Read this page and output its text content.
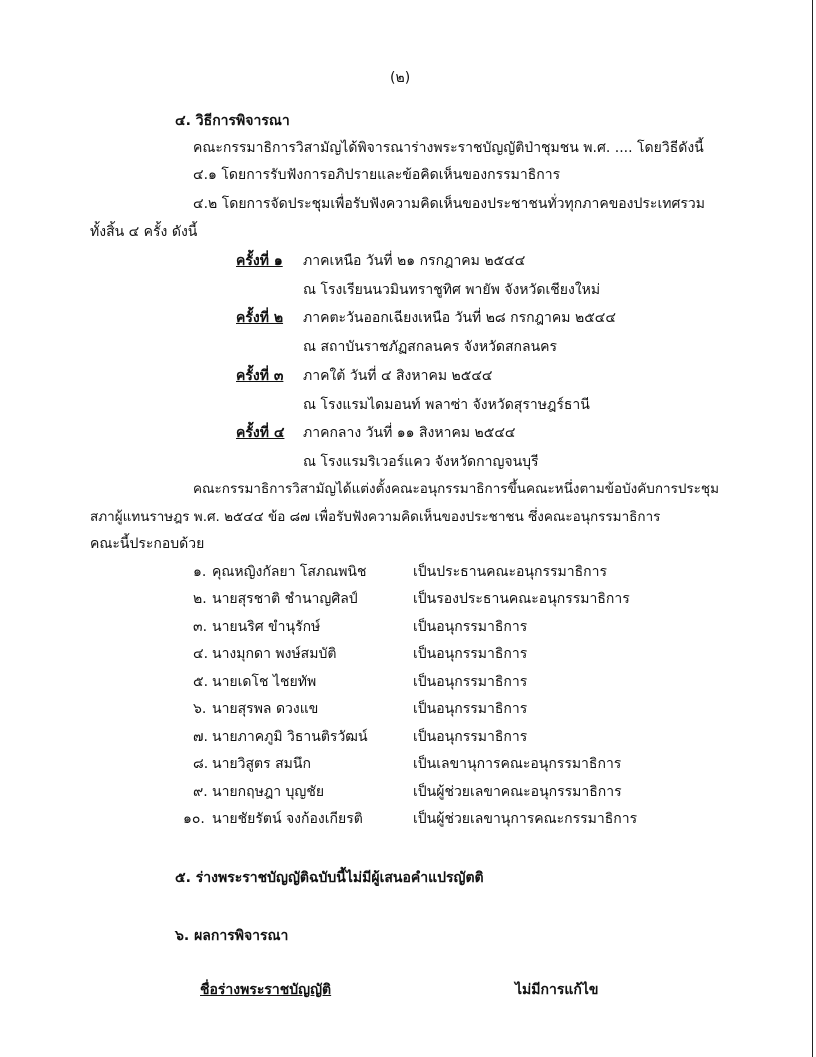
(๒)
๔. วิธีการพิจารณา
คณะกรรมาธิการวิสามัญได้พิจารณาร่างพระราชบัญญัติป่าชุมชน พ.ศ. .... โดยวิธีดังนี้
๔.๑ โดยการรับฟังการอภิปรายและข้อคิดเห็นของกรรมาธิการ
๔.๒ โดยการจัดประชุมเพื่อรับฟังความคิดเห็นของประชาชนทั่วทุกภาคของประเทศรวม
ทั้งสิ้น ๔ ครั้ง ดังนี้
ครั้งที่ ๑ ภาคเหนือ วันที่ ๒๑ กรกฎาคม ๒๕๔๔
ณ โรงเรียนนวมินทราชูทิศ พายัพ จังหวัดเชียงใหม่
ครั้งที่ ๒ ภาคตะวันออกเฉียงเหนือ วันที่ ๒๘ กรกฎาคม ๒๕๔๔
ณ สถาบันราชภัฏสกลนคร จังหวัดสกลนคร
ครั้งที่ ๓ ภาคใต้ วันที่ ๔ สิงหาคม ๒๕๔๔
ณ โรงแรมไดมอนท์ พลาซ่า จังหวัดสุราษฎร์ธานี
ครั้งที่ ๔ ภาคกลาง วันที่ ๑๑ สิงหาคม ๒๕๔๔
ณ โรงแรมริเวอร์แคว จังหวัดกาญจนบุรี
คณะกรรมาธิการวิสามัญได้แต่งตั้งคณะอนุกรรมาธิการขึ้นคณะหนึ่งตามข้อบังคับการประชุม
สภาผู้แทนราษฎร พ.ศ. ๒๕๔๔ ข้อ ๘๗ เพื่อรับฟังความคิดเห็นของประชาชน ซึ่งคณะอนุกรรมาธิการ
คณะนี้ประกอบด้วย
๑. คุณหญิงกัลยา โสภณพนิช	เป็นประธานคณะอนุกรรมาธิการ
๒. นายสุรชาติ ชำนาญศิลป์	เป็นรองประธานคณะอนุกรรมาธิการ
๓. นายนริศ ขำนุรักษ์	เป็นอนุกรรมาธิการ
๔. นางมุกดา พงษ์สมบัติ	เป็นอนุกรรมาธิการ
๕. นายเดโช ไชยทัพ	เป็นอนุกรรมาธิการ
๖. นายสุรพล ดวงแข	เป็นอนุกรรมาธิการ
๗. นายภาคภูมิ วิธานติรวัฒน์	เป็นอนุกรรมาธิการ
๘. นายวิสูตร สมนึก	เป็นเลขานุการคณะอนุกรรมาธิการ
๙. นายกฤษฎา บุญชัย	เป็นผู้ช่วยเลขาคณะอนุกรรมาธิการ
๑๐. นายชัยรัตน์ จงก้องเกียรติ	เป็นผู้ช่วยเลขานุการคณะกรรมาธิการ
๕. ร่างพระราชบัญญัติฉบับนี้ไม่มีผู้เสนอคำแปรญัตติ
๖. ผลการพิจารณา
ชื่อร่างพระราชบัญญัติ	ไม่มีการแก้ไข
